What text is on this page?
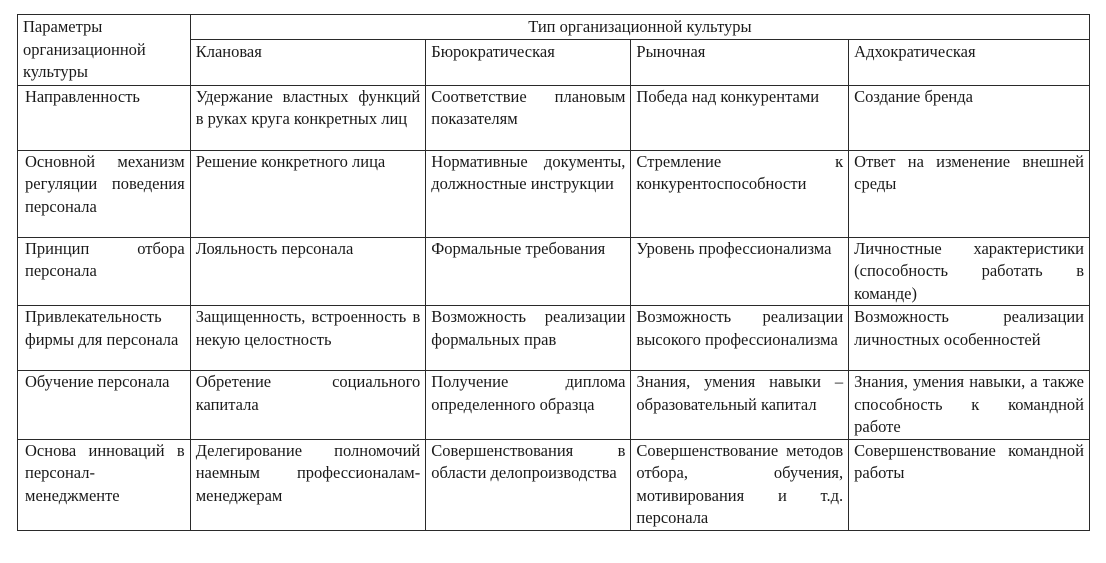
Параметры организационной культуры	Тип организационной культуры			
	Клановая	Бюрократическая	Рыночная	Адхократическая
Направленность	Удержание властных функций в руках круга конкретных лиц	Соответствие плановым показателям	Победа над конкурентами	Создание бренда
Основной механизм регуляции поведения персонала	Решение конкретного лица	Нормативные документы, должностные инструкции	Стремление к конкурентоспособности	Ответ на изменение внешней среды
Принцип отбора персонала	Лояльность персонала	Формальные требования	Уровень профессионализма	Личностные характеристики (способность работать в команде)
Привлекательность фирмы для персонала	Защищенность, встроенность в некую целостность	Возможность реализации формальных прав	Возможность реализации высокого профессионализма	Возможность реализации личностных особенностей
Обучение персонала	Обретение социального капитала	Получение диплома определенного образца	Знания, умения навыки – образовательный капитал	Знания, умения навыки, а также способность к командной работе
Основа инноваций в персонал-менеджменте	Делегирование полномочий наемным профессионалам-менеджерам	Совершенствования в области делопроизводства	Совершенствование методов отбора, обучения, мотивирования и т.д. персонала	Совершенствование командной работы
